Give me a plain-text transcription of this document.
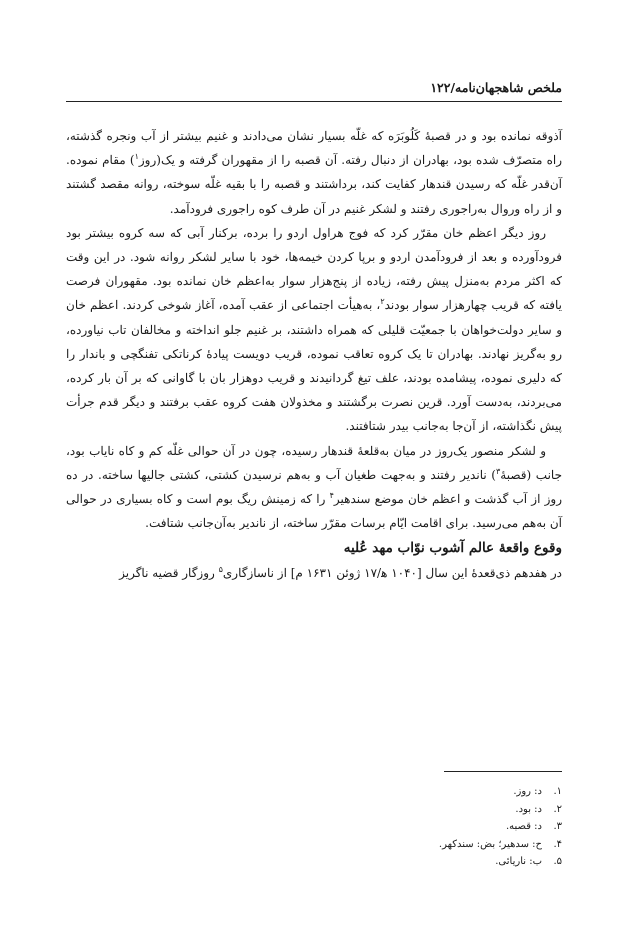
ملخص شاهجهان‌نامه/۱۲۲

آذوقه نمانده بود و در قصبهٔ کَلُوبَرَه که غلّه بسیار نشان می‌دادند و غنیم بیشتر از آب ونجره گذشته، راه متصرّف شده بود، بهادران از دنبال رفته. آن قصبه را از مقهوران گرفته و یک(روز$^۱$) مقام نموده. آن‌قدر غلّه که رسیدن قندهار کفایت کند، برداشتند و قصبه را با بقیه غلّه سوخته، روانه مقصد گشتند و از راه وروال به‌راجوری رفتند و لشکر غنیم در آن طرف کوه راجوری فرودآمد.

روز دیگر اعظم خان مقرّر کرد که فوج هراول اردو را برده، برکنار آبی که سه کروه بیشتر بود فرودآورده و بعد از فرودآمدن اردو و برپا کردن خیمه‌ها، خود با سایر لشکر روانه شود. در این وقت که اکثر مردم به‌منزل پیش رفته، زیاده از پنج‌هزار سوار به‌اعظم خان نمانده بود. مقهوران فرصت یافته که قریب چهارهزار سوار بودند$^۲$، به‌هیأت اجتماعی از عقب آمده، آغاز شوخی کردند. اعظم خان و سایر دولت‌خواهان با جمعیّت قلیلی که همراه داشتند، بر غنیم جلو انداخته و مخالفان تاب نیاورده، رو به‌گریز نهادند. بهادران تا یک کروه تعاقب نموده، قریب دویست پیادهٔ کرناتکی تفنگچی و باندار را که دلیری نموده، پیشامده بودند، علف تیغ گردانیدند و قریب دوهزار بان با گاوانی که بر آن بار کرده، می‌بردند، به‌دست آورد. قرین نصرت برگشتند و مخذولان هفت کروه عقب برفتند و دیگر قدم جرأت پیش نگذاشته، از آن‌جا به‌جانب بیدر شتافتند.

و لشکر منصور یک‌روز در میان به‌قلعهٔ قندهار رسیده، چون در آن حوالی غلّه کم و کاه نایاب بود، جانب (قصبهٔ$^۳$) ناندیر رفتند و به‌جهت طغیان آب و به‌هم نرسیدن کشتی، کشتی جالیها ساخته. در ده روز از آب گذشت و اعظم خان موضع سندهیر$^۴$ را که زمینش ریگ بوم است و کاه بسیاری در حوالی آن به‌هم می‌رسید. برای اقامت ایّام برسات مقرّر ساخته، از ناندیر به‌آن‌جانب شتافت.

وقوع واقعهٔ عالم آشوب نوّاب مهد عُلیه

در هفدهم ذی‌قعدهٔ این سال [۱۰۴۰ ه‍/۱۷ ژوئن ۱۶۳۱ م] از ناسازگاری$^۵$ روزگار قضیه ناگریز

۱.د: روز.
۲.د: بود.
۳.د: قصبه.
۴.ح: سدهیر؛ بض: سندکهر.
۵.ب: ناریائی.
